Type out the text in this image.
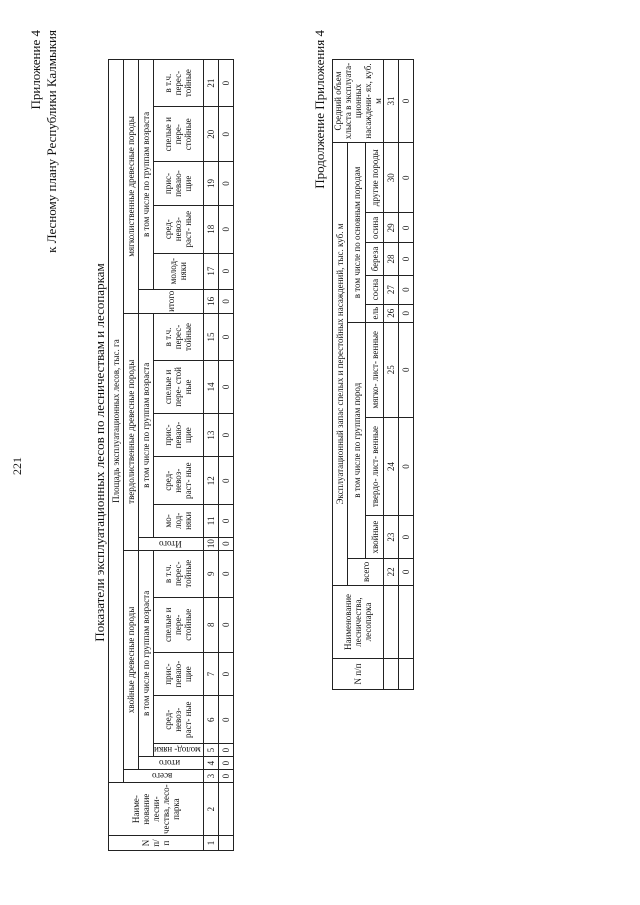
221
Приложение 4 к Лесному плану Республики Калмыкия
Показатели эксплуатационных лесов по лесничествам и лесопаркам
N п/п	Наиме- нование лесни- чества, лесо- парка	Площадь эксплуатационных лесов, тыс. га																		
		всего	хвойные древесные породы						твердолиственные древесные породы						мягколиственные древесные породы					
			итого	в том числе по группам возраста					Итого	в том числе по группам возраста					итого	в том числе по группам возраста				
				молод- няки	сред- невоз- раст- ные	прис- певаю- щие	спелые и пере- стойные	в т.ч. перес- тойные		мо- лод- няки	сред- невоз- раст- ные	прис- певаю- щие	спелые и пере- стой ные	в т.ч. перес- тойные		молод- няки	сред- невоз- раст- ные	прис- певаю- щие	спелые и пере- стойные	в т.ч. перес- тойные

1	2	3	4	5	6	7	8	9	10	11	12	13	14	15	16	17	18	19	20	21
		0	0	0	0	0	0	0	0	0	0	0	0	0	0	0	0	0	0	0	Продолжение Приложения 4
N п/п	Наименование лесничества, лесопарка	Эксплуатационный запас спелых и перестойных насаждений, тыс. куб. м									Средний объем хлыста в эксплуата- ционных насаждени- ях, куб. м
		всего	в том числе по группам пород			в том числе по основным породам					
			хвойные	твердо- лист- венные	мягко- лист- венные	ель	сосна	береза	осина	другие породы	

		22	23	24	25	26	27	28	29	30	31
		0	0	0	0	0	0	0	0	0	0
